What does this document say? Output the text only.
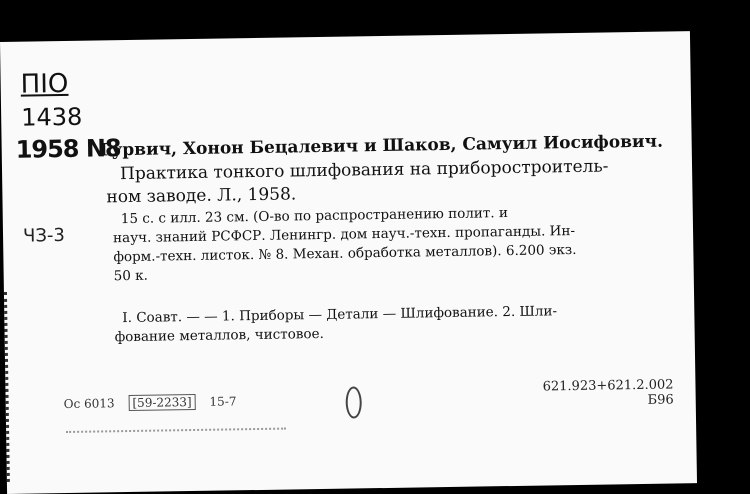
ПІО
1438
1958 N8
ЧЗ-3
Гурвич, Хонон Бецалевич и Шаков, Самуил Иосифович.
Практика тонкого шлифования на приборостроитель-
ном заводе. Л., 1958.
15 с. с илл. 23 см. (О-во по распространению полит. и
науч. знаний РСФСР. Ленингр. дом науч.-техн. пропаганды. Ин-
форм.-техн. листок. № 8. Механ. обработка металлов). 6.200 экз.
50 к.
I. Соавт. — — 1. Приборы — Детали — Шлифование. 2. Шли-
фование металлов, чистовое.
Ос 6013 [59-2233] 15-7
621.923+621.2.002
Б96
